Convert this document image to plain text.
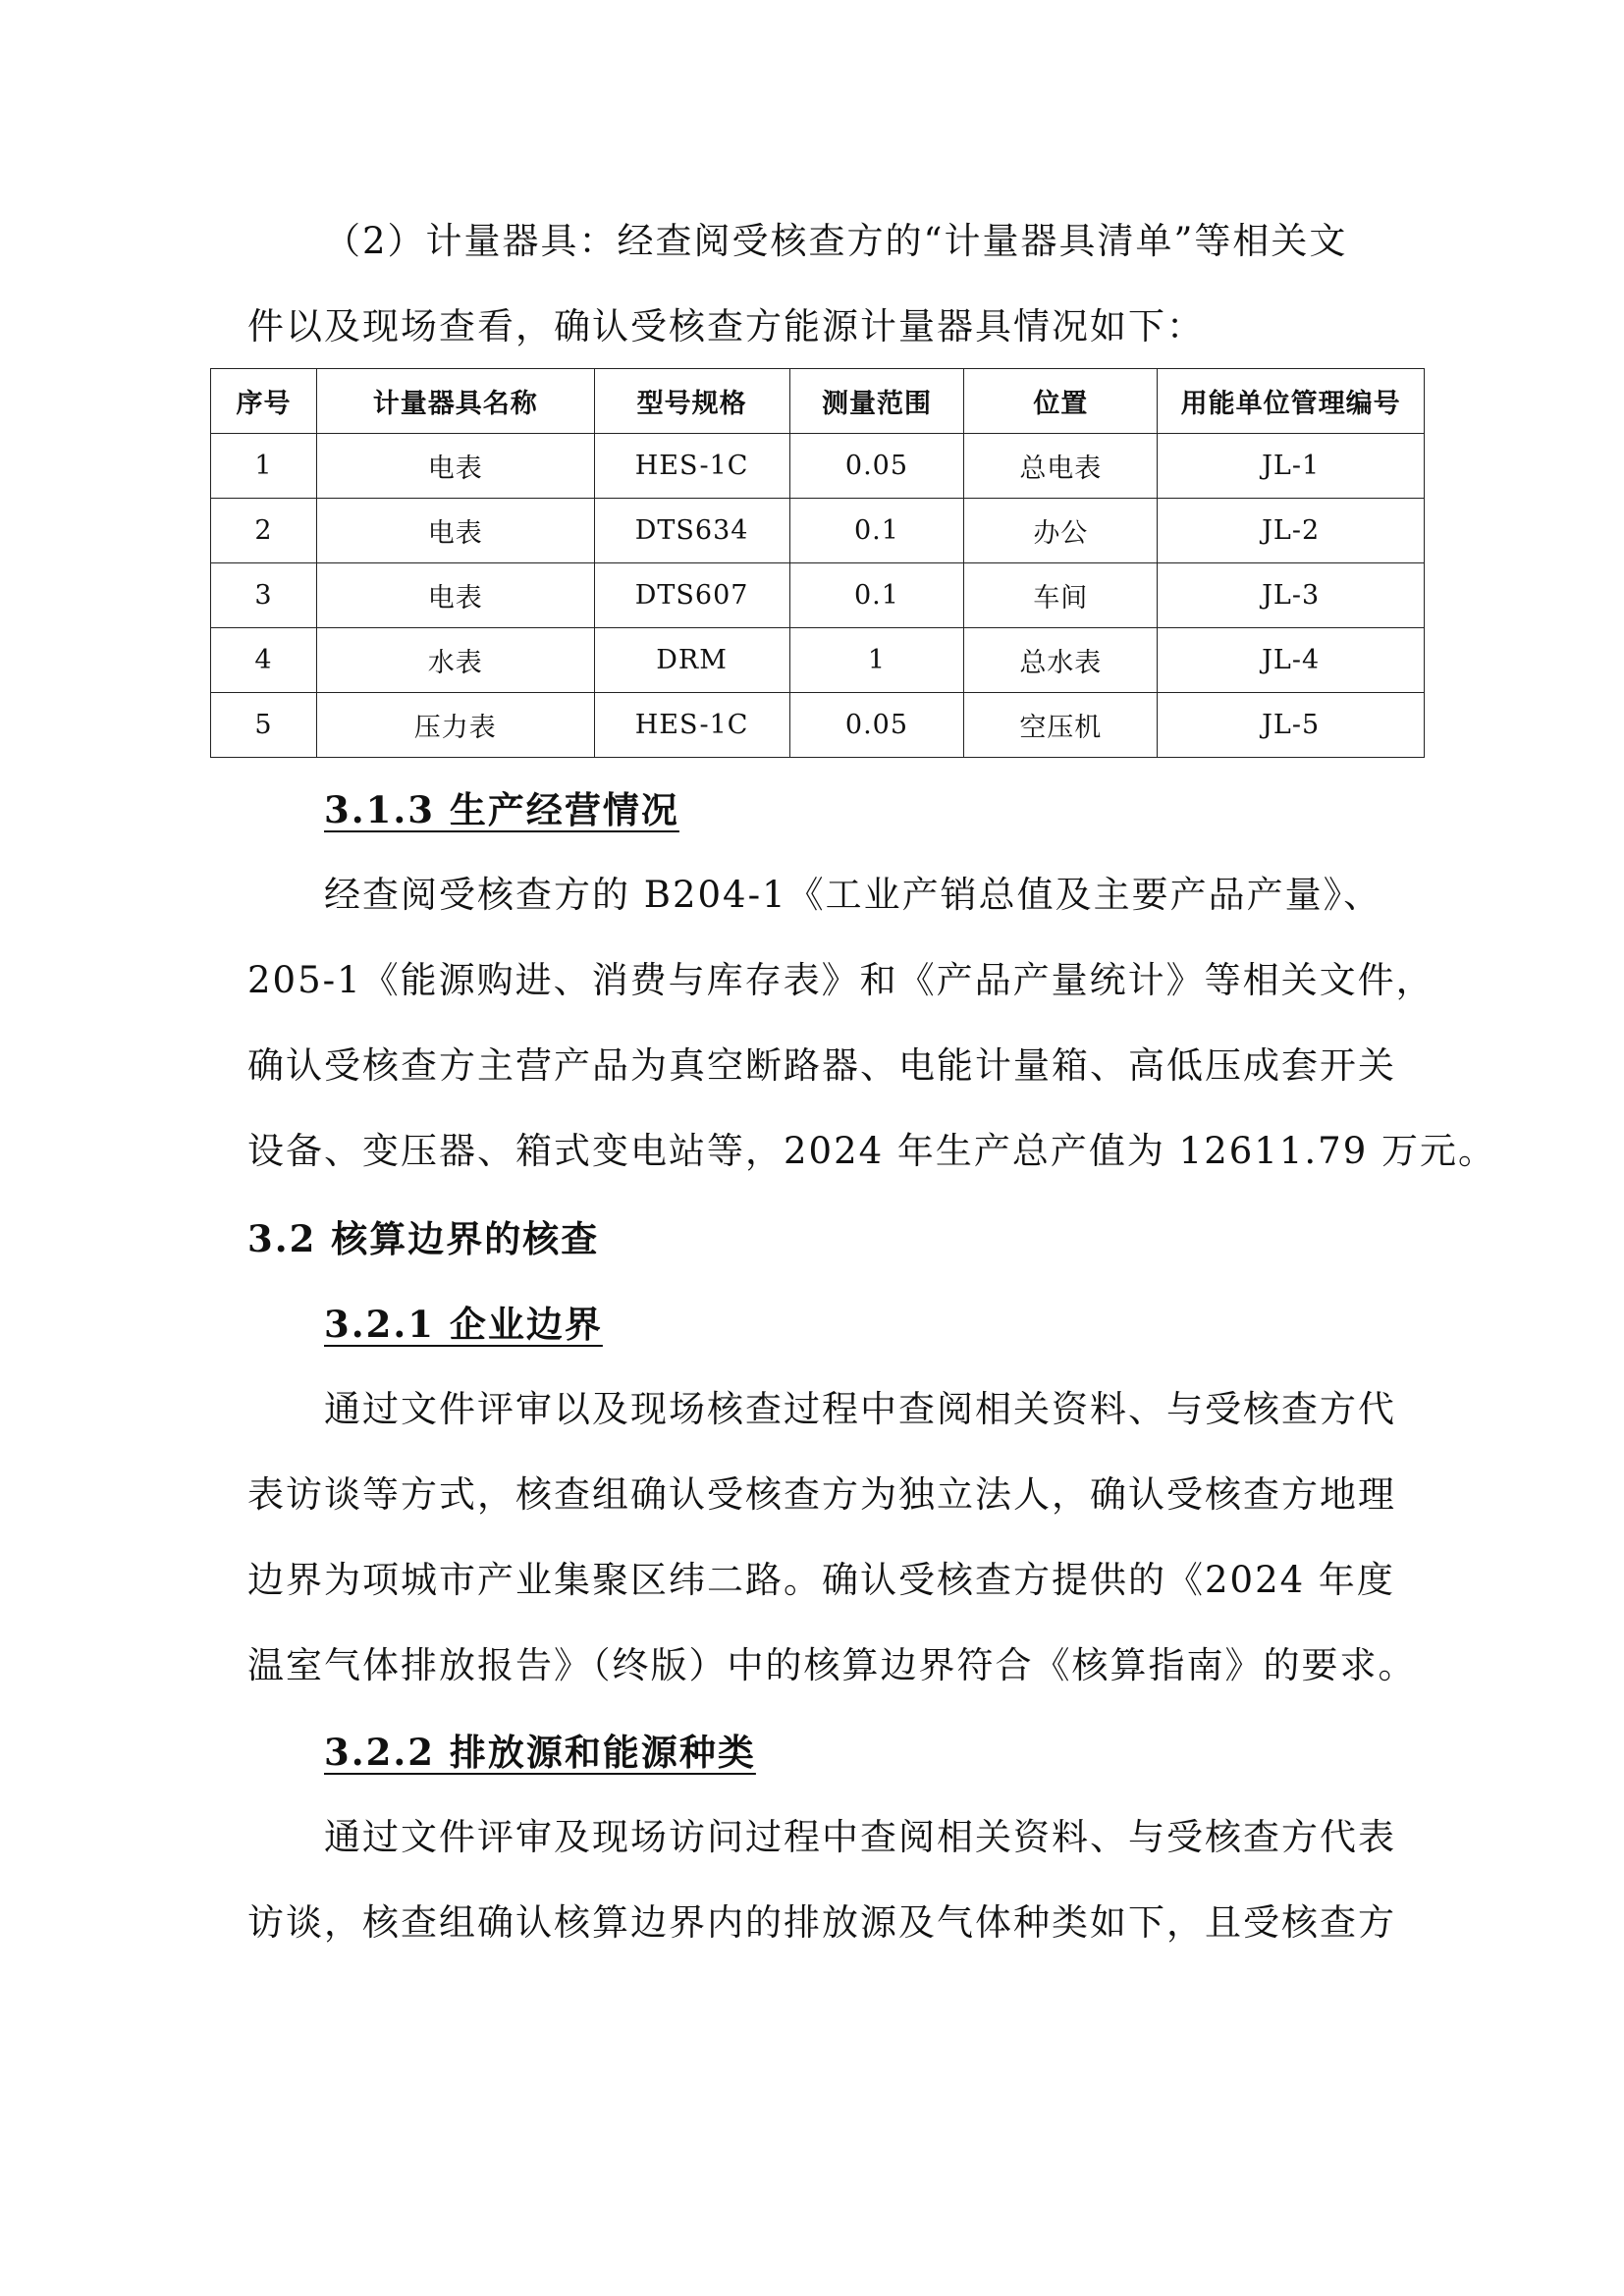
（2）计量器具：经查阅受核查方的“计量器具清单”等相关文
件以及现场查看，确认受核查方能源计量器具情况如下：
序号	计量器具名称	型号规格	测量范围	位置	用能单位管理编号
1	电表	HES-1C	0.05	总电表	JL-1
2	电表	DTS634	0.1	办公	JL-2
3	电表	DTS607	0.1	车间	JL-3
4	水表	DRM	1	总水表	JL-4
5	压力表	HES-1C	0.05	空压机	JL-5
3.1.3 生产经营情况
经查阅受核查方的 B204-1《工业产销总值及主要产品产量》、
205-1《能源购进、消费与库存表》和《产品产量统计》等相关文件，
确认受核查方主营产品为真空断路器、电能计量箱、高低压成套开关
设备、变压器、箱式变电站等，2024 年生产总产值为 12611.79 万元。
3.2 核算边界的核查
3.2.1 企业边界
通过文件评审以及现场核查过程中查阅相关资料、与受核查方代
表访谈等方式，核查组确认受核查方为独立法人，确认受核查方地理
边界为项城市产业集聚区纬二路。确认受核查方提供的《2024 年度
温室气体排放报告》（终版）中的核算边界符合《核算指南》的要求。
3.2.2 排放源和能源种类
通过文件评审及现场访问过程中查阅相关资料、与受核查方代表
访谈，核查组确认核算边界内的排放源及气体种类如下，且受核查方
